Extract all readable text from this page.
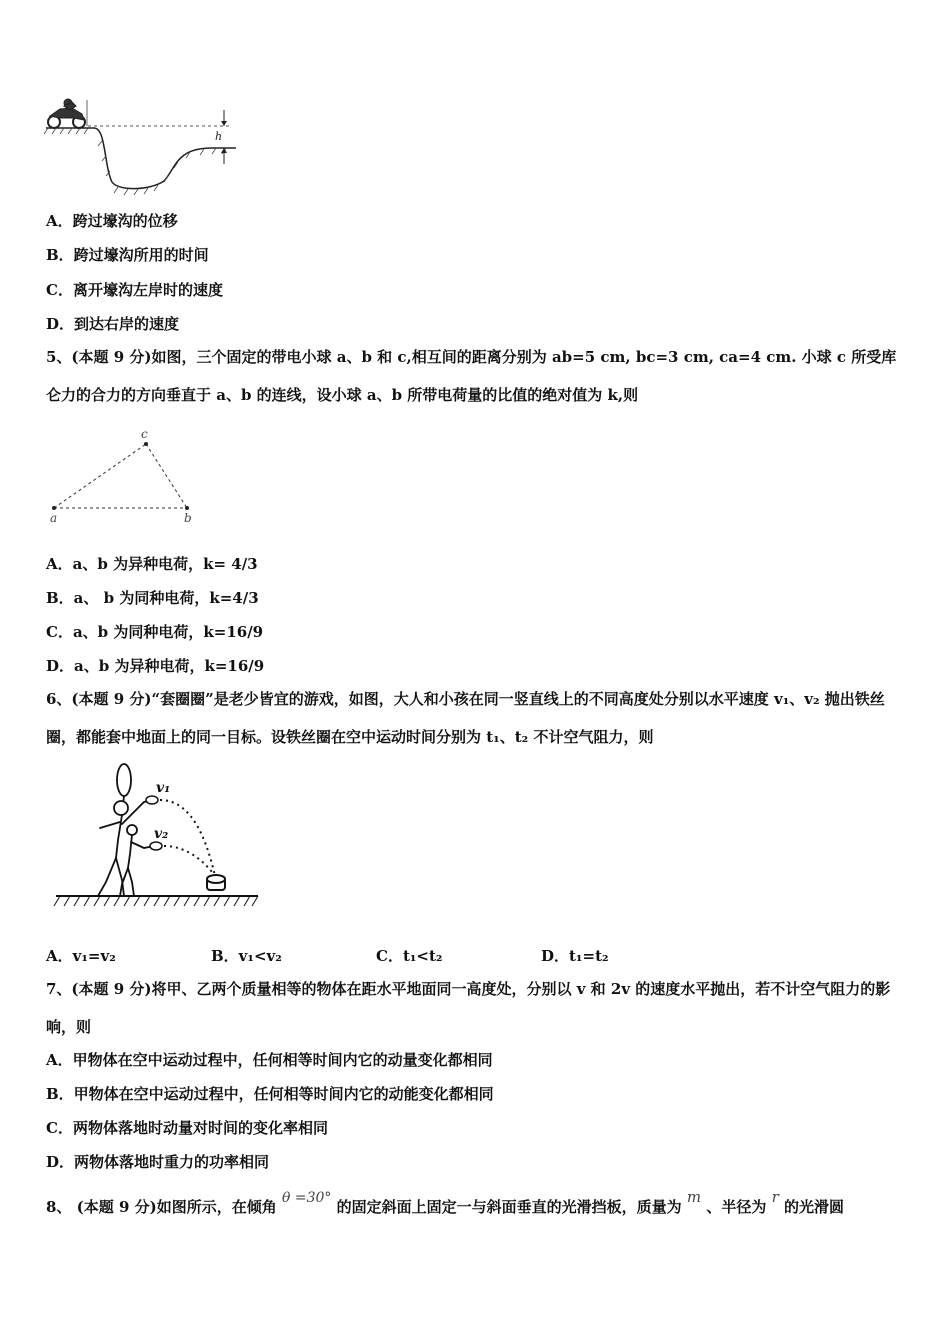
h
A．跨过壕沟的位移
B．跨过壕沟所用的时间
C．离开壕沟左岸时的速度
D．到达右岸的速度
5、(本题 9 分)如图，三个固定的带电小球 a、b 和 c,相互间的距离分别为 ab=5 cm, bc=3 cm, ca=4 cm. 小球 c 所受库仑力的合力的方向垂直于 a、b 的连线，设小球 a、b 所带电荷量的比值的绝对值为 k,则
a	b
c
A．a、b 为异种电荷，k= 4/3
B．a、 b 为同种电荷，k=4/3
C．a、b 为同种电荷，k=16/9
D．a、b 为异种电荷，k=16/9
6、(本题 9 分)“套圈圈”是老少皆宜的游戏，如图，大人和小孩在同一竖直线上的不同高度处分别以水平速度 v₁、v₂ 抛出铁丝圈，都能套中地面上的同一目标。设铁丝圈在空中运动时间分别为 t₁、t₂ 不计空气阻力，则
v₁
v₂
A．v₁=v₂	B．v₁<v₂	C．t₁<t₂	D．t₁=t₂
7、(本题 9 分)将甲、乙两个质量相等的物体在距水平地面同一高度处，分别以 v 和 2v 的速度水平抛出，若不计空气阻力的影响，则
A．甲物体在空中运动过程中，任何相等时间内它的动量变化都相同
B．甲物体在空中运动过程中，任何相等时间内它的动能变化都相同
C．两物体落地时动量对时间的变化率相同
D．两物体落地时重力的功率相同
8、 (本题 9 分)如图所示，在倾角 θ =30° 的固定斜面上固定一与斜面垂直的光滑挡板，质量为 m 、半径为 r 的光滑圆
